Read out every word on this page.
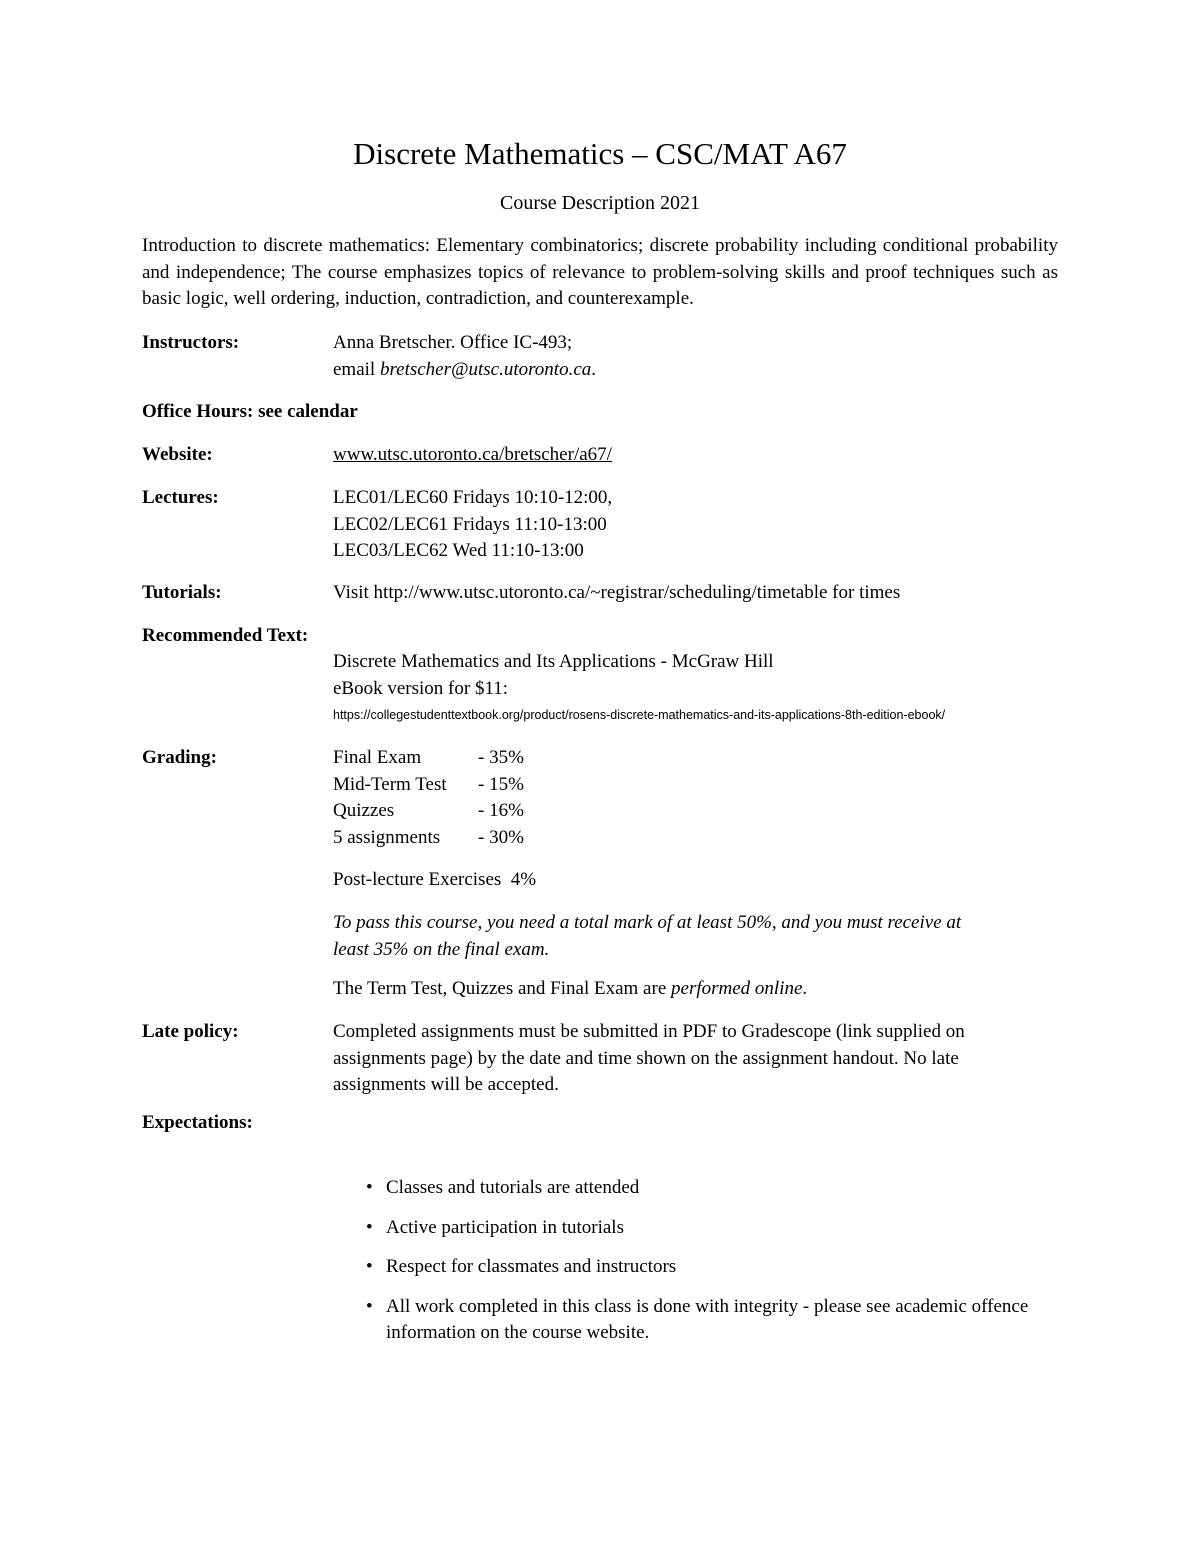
Discrete Mathematics – CSC/MAT A67
Course Description 2021

Introduction to discrete mathematics: Elementary combinatorics; discrete probability including conditional probability and independence; The course emphasizes topics of relevance to problem-solving skills and proof techniques such as basic logic, well ordering, induction, contradiction, and counterexample.

Instructors:	Anna Bretscher. Office IC-493;
email bretscher@utsc.utoronto.ca.
Office Hours: see calendar
Website:	www.utsc.utoronto.ca/bretscher/a67/
Lectures:	LEC01/LEC60 Fridays 10:10-12:00,
LEC02/LEC61 Fridays 11:10-13:00
LEC03/LEC62 Wed 11:10-13:00
Tutorials:	Visit http://www.utsc.utoronto.ca/~registrar/scheduling/timetable for times
Recommended Text:
Discrete Mathematics and Its Applications - McGraw Hill
eBook version for $11:
https://collegestudenttextbook.org/product/rosens-discrete-mathematics-and-its-applications-8th-edition-ebook/
Grading:	Final Exam	- 35%
Mid-Term Test - 15%
Quizzes	- 16%
5 assignments - 30%
Post-lecture Exercises  4%
To pass this course, you need a total mark of at least 50%, and you must receive at
least 35% on the final exam.
The Term Test, Quizzes and Final Exam are performed online.
Late policy:	Completed assignments must be submitted in PDF to Gradescope (link supplied on
assignments page) by the date and time shown on the assignment handout. No late
assignments will be accepted.
Expectations:
• Classes and tutorials are attended
• Active participation in tutorials
• Respect for classmates and instructors
• All work completed in this class is done with integrity - please see academic offence information on the course website.
